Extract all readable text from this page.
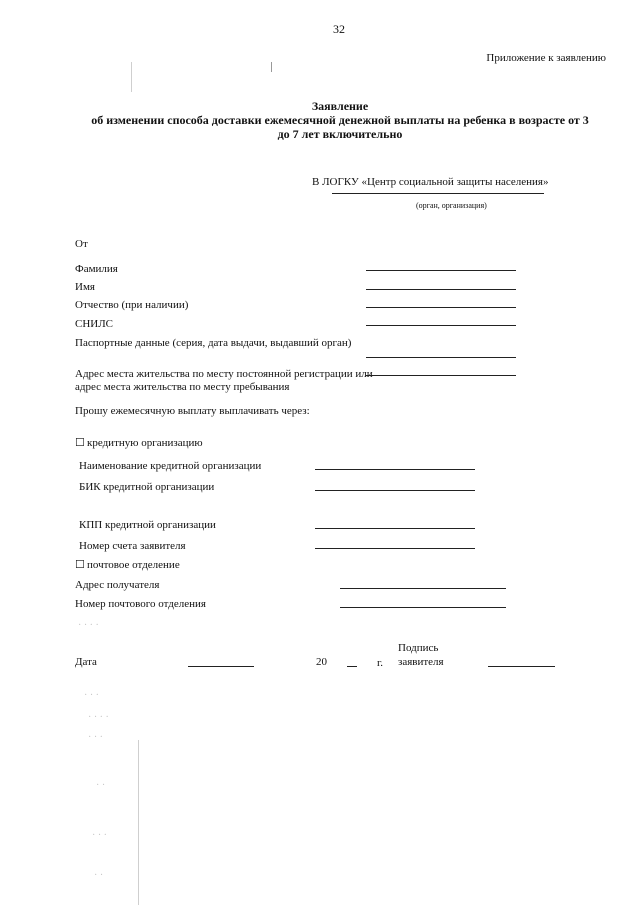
· · · ·
· · ·
· · · ·
· · ·
· ·
· · ·
· ·
32
Приложение к заявлению
Заявление
об изменении способа доставки ежемесячной денежной выплаты на ребенка в возрасте от 3
до 7 лет включительно
В ЛОГКУ «Центр социальной защиты населения»
(орган, организация)
От
Фамилия
Имя
Отчество (при наличии)
СНИЛС
Паспортные данные (серия, дата выдачи, выдавший орган)
Адрес места жительства по месту постоянной регистрации или
адрес места жительства по месту пребывания
Прошу ежемесячную выплату выплачивать через:
☐ кредитную организацию
Наименование кредитной организации
БИК кредитной организации
КПП кредитной организации
Номер счета заявителя
☐ почтовое отделение
Адрес получателя
Номер почтового отделения
Дата	20	г.
Подпись
заявителя
